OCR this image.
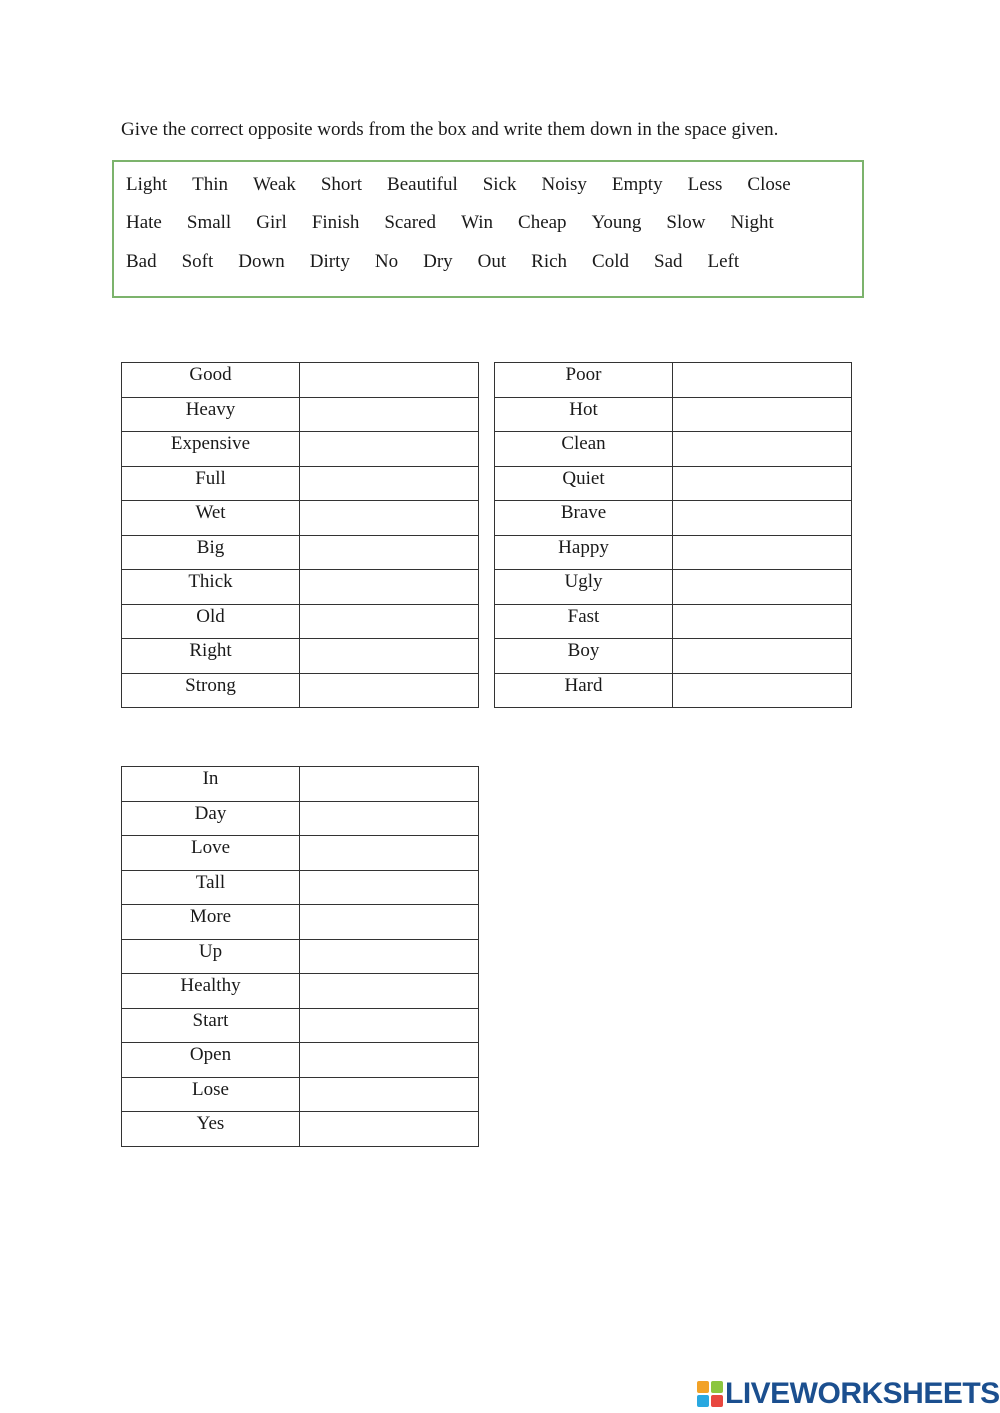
Give the correct opposite words from the box and write them down in the space given.
Light Thin Weak Short Beautiful Sick Noisy Empty Less Close
Hate Small Girl Finish Scared Win Cheap Young Slow Night
Bad Soft Down Dirty No Dry Out Rich Cold Sad Left
Good	
Heavy	
Expensive	
Full	
Wet	
Big	
Thick	
Old	
Right	
Strong	
Poor	
Hot	
Clean	
Quiet	
Brave	
Happy	
Ugly	
Fast	
Boy	
Hard	
In	
Day	
Love	
Tall	
More	
Up	
Healthy	
Start	
Open	
Lose	
Yes	
LIVEWORKSHEETS
